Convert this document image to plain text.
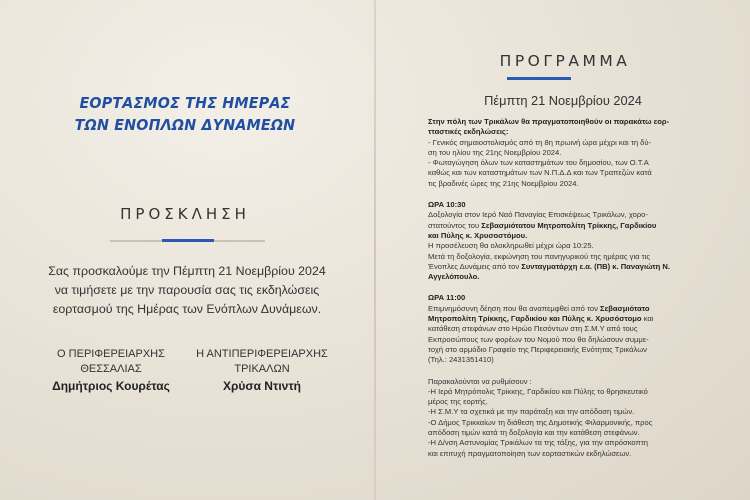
ΕΟΡΤΑΣΜΟΣ ΤΗΣ ΗΜΕΡΑΣ
ΤΩΝ ΕΝΟΠΛΩΝ ΔΥΝΑΜΕΩΝ
ΠΡΟΣΚΛΗΣΗ
Σας προσκαλούμε την Πέμπτη 21 Νοεμβρίου 2024
να τιμήσετε με την παρουσία σας τις εκδηλώσεις
εορτασμού της Ημέρας των Ενόπλων Δυνάμεων.
Ο ΠΕΡΙΦΕΡΕΙΑΡΧΗΣ
ΘΕΣΣΑΛΙΑΣ
Δημήτριος Κουρέτας
Η ΑΝΤΙΠΕΡΙΦΕΡΕΙΑΡΧΗΣ
ΤΡΙΚΑΛΩΝ
Χρύσα Ντιντή
ΠΡΟΓΡΑΜΜΑ
Πέμπτη 21 Νοεμβρίου 2024

Στην πόλη των Τρικάλων θα πραγματοποιηθούν οι παρακάτω εορ-

τταστικές εκδηλώσεις:

- Γενικός σημαιοστολισμός από τη 8η πρωινή ώρα μέχρι και τη δύ-

ση του ηλίου της 21ης Νοεμβρίου 2024.

- Φωταγώγηση όλων των καταστημάτων του δημοσίου, των Ο.Τ.Α

καθώς και των καταστημάτων των Ν.Π.Δ.Δ και των Τραπεζών κατά

τις βραδινές ώρες της 21ης Νοεμβρίου 2024.

ΩΡΑ 10:30

Δοξολογία στον Ιερό Ναό Παναγίας Επισκέψεως Τρικάλων, χορο-

στατούντος του Σεβασμιότατου Μητροπολίτη Τρίκκης, Γαρδικίου

και Πύλης κ. Χρυσοστόμου.

Η προσέλευση θα ολοκληρωθεί μέχρι ώρα 10:25.

Μετά τη δοξολογία, εκφώνηση του πανηγυρικού της ημέρας για τις

Ένοπλες Δυνάμεις από τον Συνταγματάρχη ε.α. (ΠΒ) κ. Παναγιώτη Ν.

Αγγελόπουλο.

ΩΡΑ 11:00

Επιμνημόσυνη δέηση που θα αναπεμφθεί από τον Σεβασμιότατο

Μητροπολίτη Τρίκκης, Γαρδικίου και Πύλης κ. Χρυσόστομο και

κατάθεση στεφάνων στο Ηρώο Πεσόντων στη Σ.Μ.Υ από τους

Εκπροσώπους των φορέων του Νομού που θα δηλώσουν συμμε-

τοχή στο αρμόδιο Γραφείο της Περιφερειακής Ενότητας Τρικάλων

(Τηλ.: 2431351410)

Παρακαλούνται να ρυθμίσουν :

-Η Ιερά Μητρόπολις Τρίκκης, Γαρδικίου και Πύλης το θρησκευτικό

μέρος της εορτής.

-Η Σ.Μ.Υ τα σχετικά με την παράταξη και την απόδοση τιμών.

-Ο Δήμος Τρικκαίων τη διάθεση της Δημοτικής Φιλαρμονικής, προς

απόδοση τιμών κατά τη δοξολογία και την κατάθεση στεφάνων.

-Η Δ/νση Αστυνομίας Τρικάλων τα της τάξης, για την απρόσκοπτη

και επιτυχή πραγματοποίηση των εορταστικών εκδηλώσεων.
